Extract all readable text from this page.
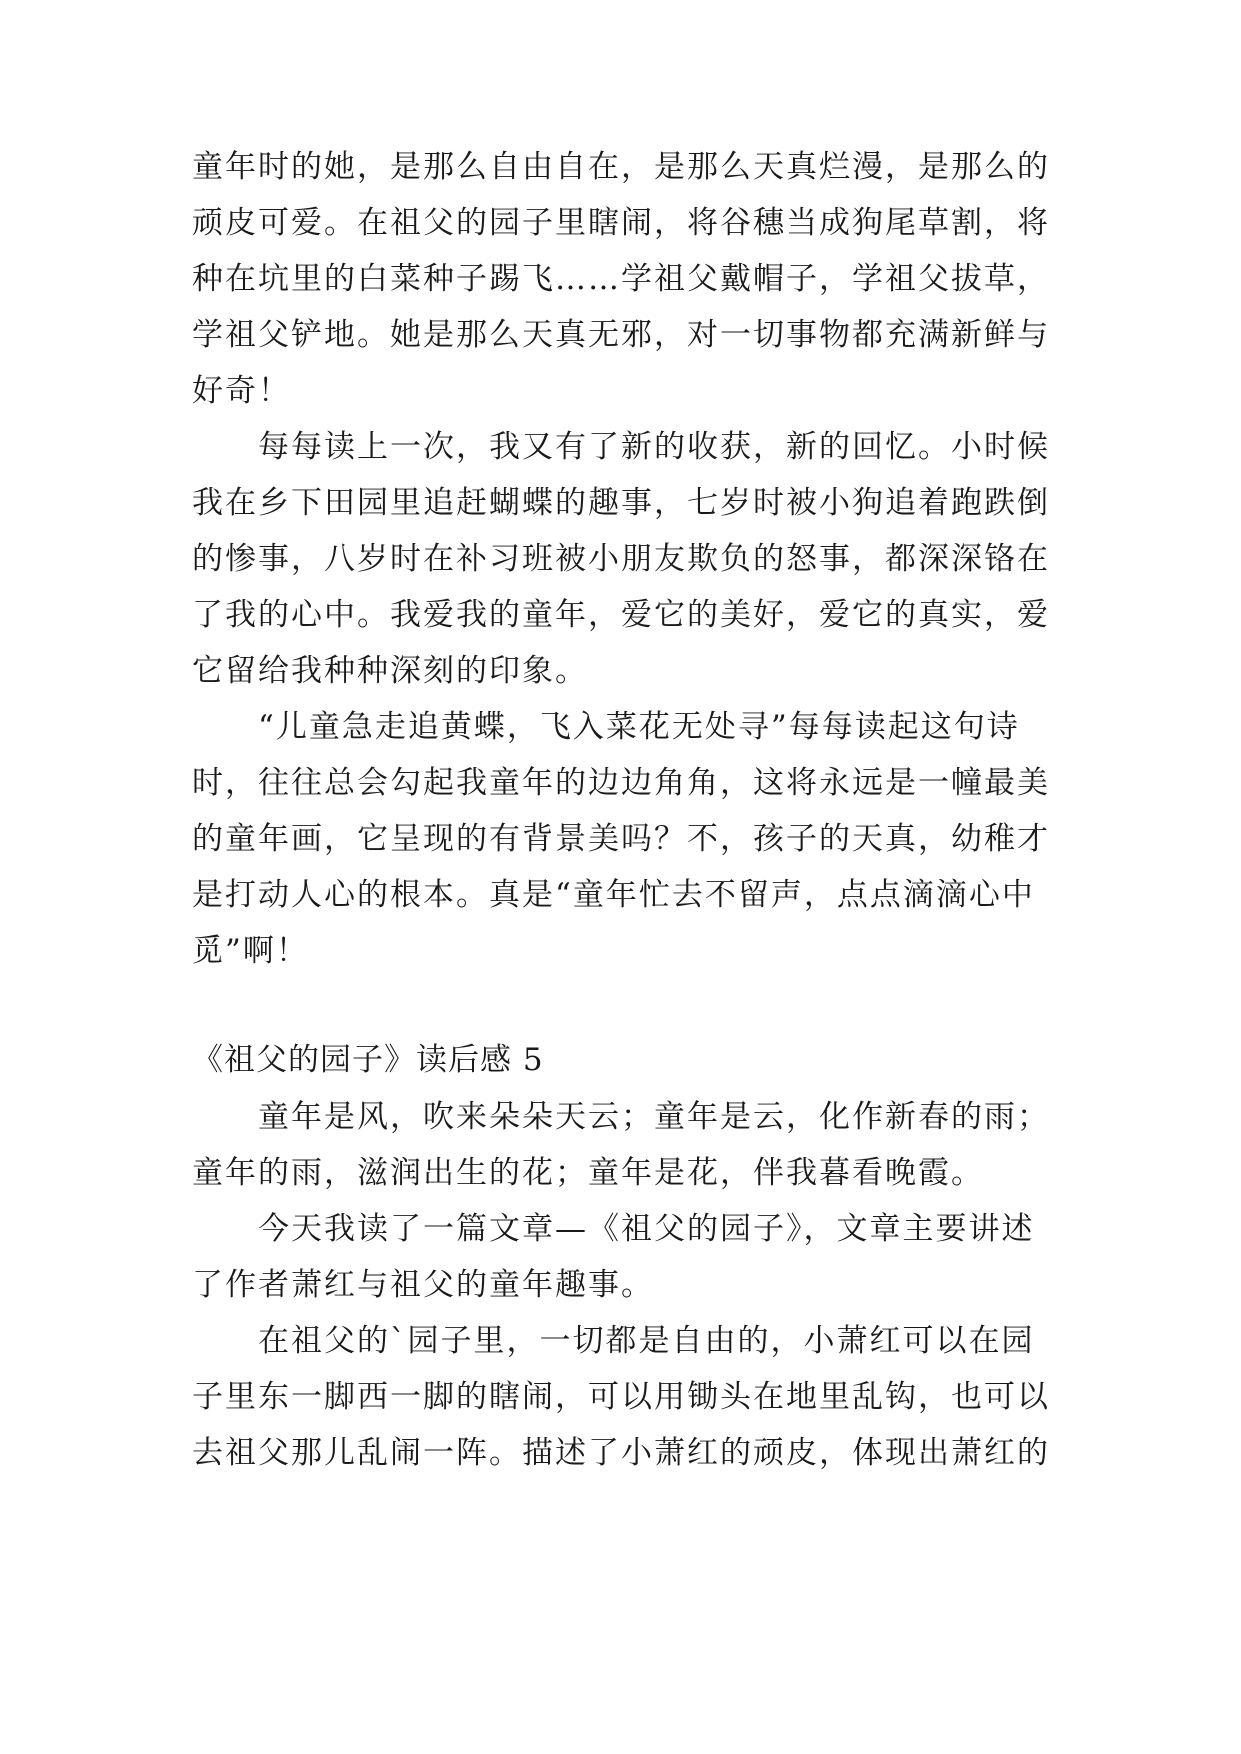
童年时的她，是那么自由自在，是那么天真烂漫，是那么的
顽皮可爱。在祖父的园子里瞎闹，将谷穗当成狗尾草割，将
种在坑里的白菜种子踢飞……学祖父戴帽子，学祖父拔草，
学祖父铲地。她是那么天真无邪，对一切事物都充满新鲜与
好奇！
　　每每读上一次，我又有了新的收获，新的回忆。小时候
我在乡下田园里追赶蝴蝶的趣事，七岁时被小狗追着跑跌倒
的惨事，八岁时在补习班被小朋友欺负的怒事，都深深铬在
了我的心中。我爱我的童年，爱它的美好，爱它的真实，爱
它留给我种种深刻的印象。
　　“儿童急走追黄蝶，飞入菜花无处寻”每每读起这句诗
时，往往总会勾起我童年的边边角角，这将永远是一幢最美
的童年画，它呈现的有背景美吗？不，孩子的天真，幼稚才
是打动人心的根本。真是“童年忙去不留声，点点滴滴心中
觅”啊！
《祖父的园子》读后感 5
　　童年是风，吹来朵朵天云；童年是云，化作新春的雨；
童年的雨，滋润出生的花；童年是花，伴我暮看晚霞。
　　今天我读了一篇文章—《祖父的园子》，文章主要讲述
了作者萧红与祖父的童年趣事。
　　在祖父的`园子里，一切都是自由的，小萧红可以在园
子里东一脚西一脚的瞎闹，可以用锄头在地里乱钩，也可以
去祖父那儿乱闹一阵。描述了小萧红的顽皮，体现出萧红的
